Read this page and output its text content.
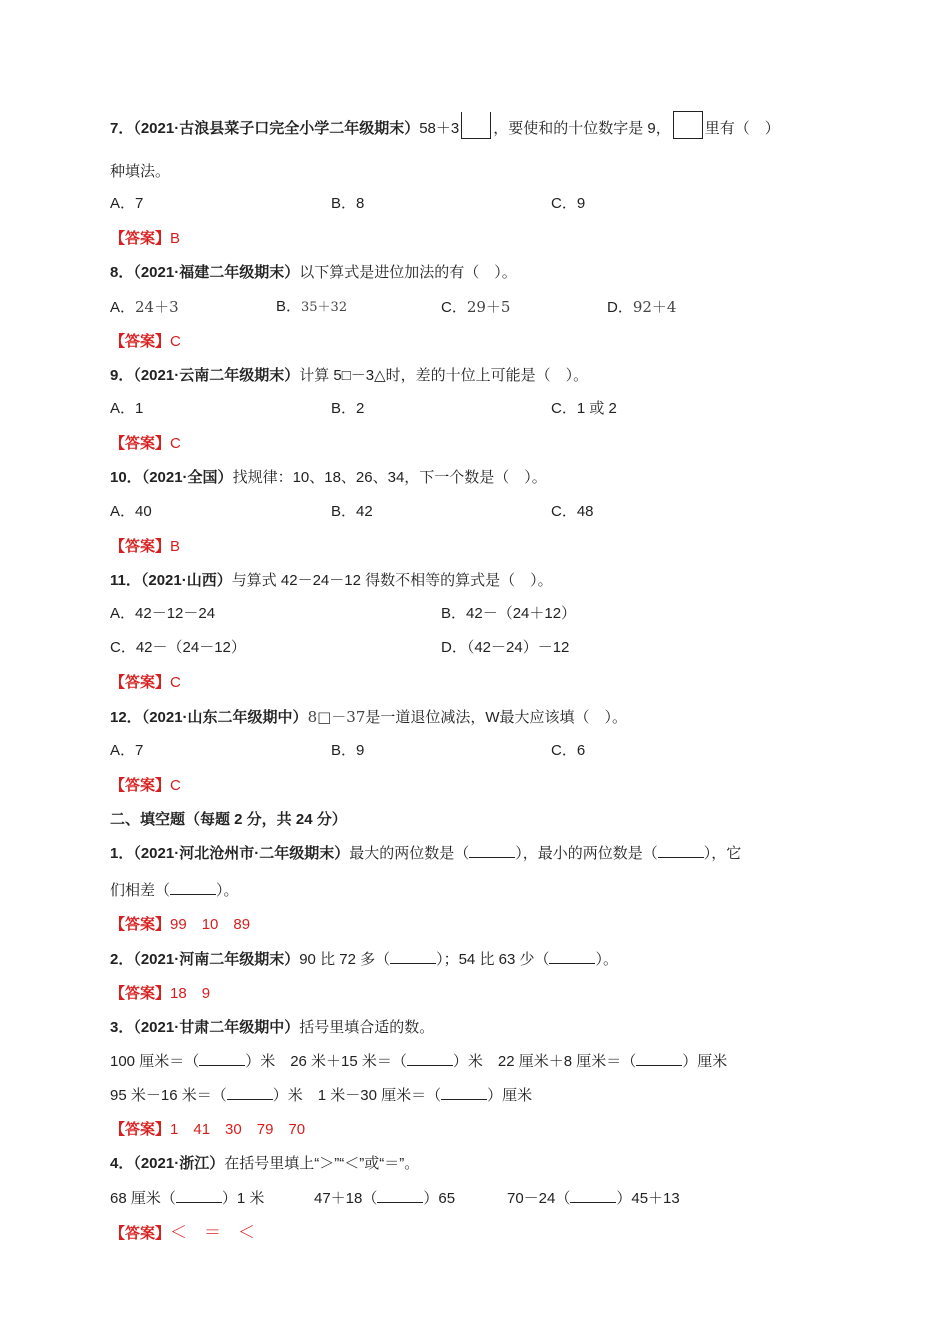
7．（2021·古浪县菜子口完全小学二年级期末）58＋3 ，要使和的十位数字是 9， 里有（　）
种填法。
A．7	B．8	C．9
【答案】B
8．（2021·福建二年级期末）以下算式是进位加法的有（　）。
A．24＋3	B．35＋32	C．29＋5	D．92＋4
【答案】C
9．（2021·云南二年级期末）计算 5□－3△时，差的十位上可能是（　）。
A．1	B．2	C．1 或 2
【答案】C
10．（2021·全国）找规律：10、18、26、34，下一个数是（　）。
A．40	B．42	C．48
【答案】B
11．（2021·山西）与算式 42－24－12 得数不相等的算式是（　）。
A．42－12－24	B．42－（24＋12）
C．42－（24－12）	D．（42－24）－12
【答案】C
12．（2021·山东二年级期中）8□－37是一道退位减法，W最大应该填（　）。
A．7	B．9	C．6
【答案】C
二、填空题（每题 2 分，共 24 分）
1．（2021·河北沧州市·二年级期末）最大的两位数是（	），最小的两位数是（	），它
们相差（	）。
【答案】99　10　89
2．（2021·河南二年级期末）90 比 72 多（	）；54 比 63 少（	）。
【答案】18　9
3．（2021·甘肃二年级期中）括号里填合适的数。
100 厘米＝（	）米　26 米＋15 米＝（	）米　22 厘米＋8 厘米＝（	）厘米
95 米－16 米＝（	）米　1 米－30 厘米＝（	）厘米
【答案】1　41　30　79　70
4．（2021·浙江）在括号里填上“＞”“＜”或“＝”。
68 厘米（	）1 米	47＋18（	）65	70－24（	）45＋13
【答案】＜　＝　＜
